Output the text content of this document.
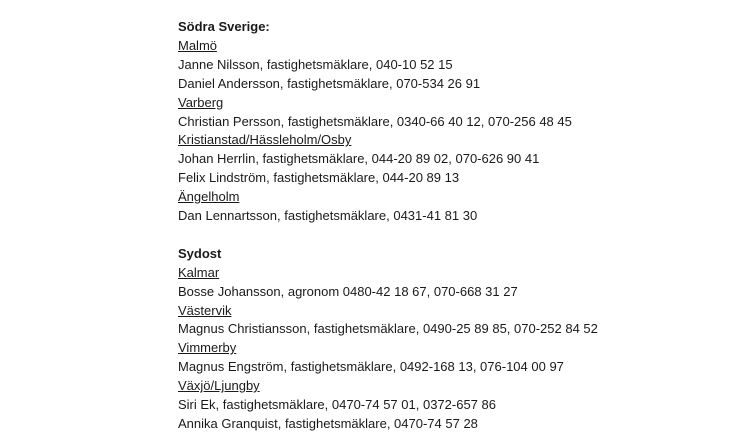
Södra Sverige:
Malmö
Janne Nilsson, fastighetsmäklare, 040-10 52 15
Daniel Andersson, fastighetsmäklare, 070-534 26 91
Varberg
Christian Persson, fastighetsmäklare, 0340-66 40 12, 070-256 48 45
Kristianstad/Hässleholm/Osby
Johan Herrlin, fastighetsmäklare, 044-20 89 02, 070-626 90 41
Felix Lindström, fastighetsmäklare, 044-20 89 13
Ängelholm
Dan Lennartsson, fastighetsmäklare, 0431-41 81 30
Sydost
Kalmar
Bosse Johansson, agronom 0480-42 18 67, 070-668 31 27
Västervik
Magnus Christiansson, fastighetsmäklare, 0490-25 89 85, 070-252 84 52
Vimmerby
Magnus Engström, fastighetsmäklare, 0492-168 13, 076-104 00 97
Växjö/Ljungby
Siri Ek, fastighetsmäklare, 0470-74 57 01, 0372-657 86
Annika Granquist, fastighetsmäklare, 0470-74 57 28
